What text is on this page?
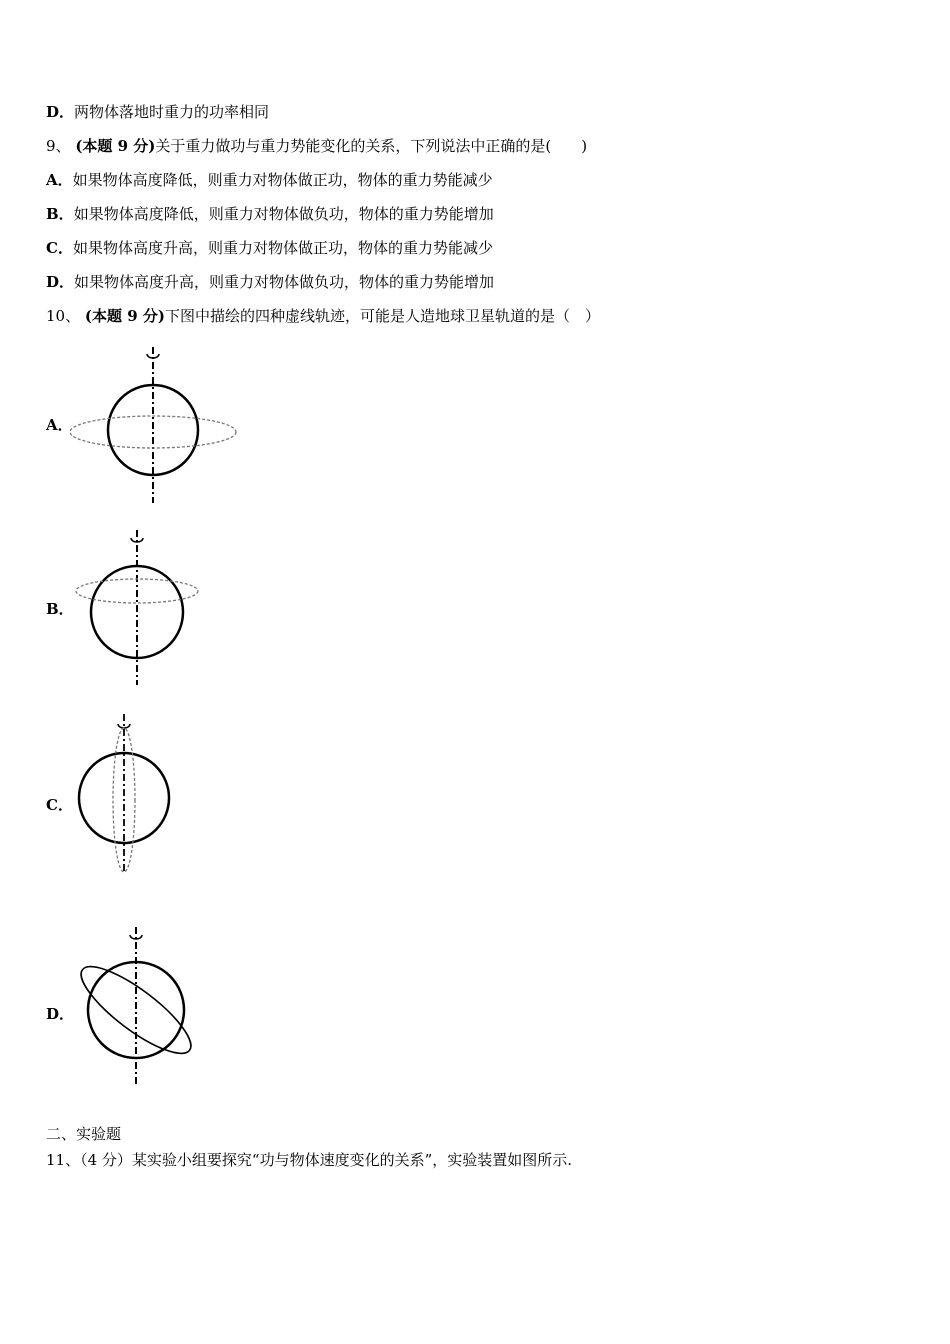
D．两物体落地时重力的功率相同
9、 (本题 9 分)关于重力做功与重力势能变化的关系，下列说法中正确的是(　　)
A．如果物体高度降低，则重力对物体做正功，物体的重力势能减少
B．如果物体高度降低，则重力对物体做负功，物体的重力势能增加
C．如果物体高度升高，则重力对物体做正功，物体的重力势能减少
D．如果物体高度升高，则重力对物体做负功，物体的重力势能增加
10、 (本题 9 分)下图中描绘的四种虚线轨迹，可能是人造地球卫星轨道的是（　）
A．
B．
C．
D．
二、实验题
11、（4 分）某实验小组要探究“功与物体速度变化的关系”，实验装置如图所示.
